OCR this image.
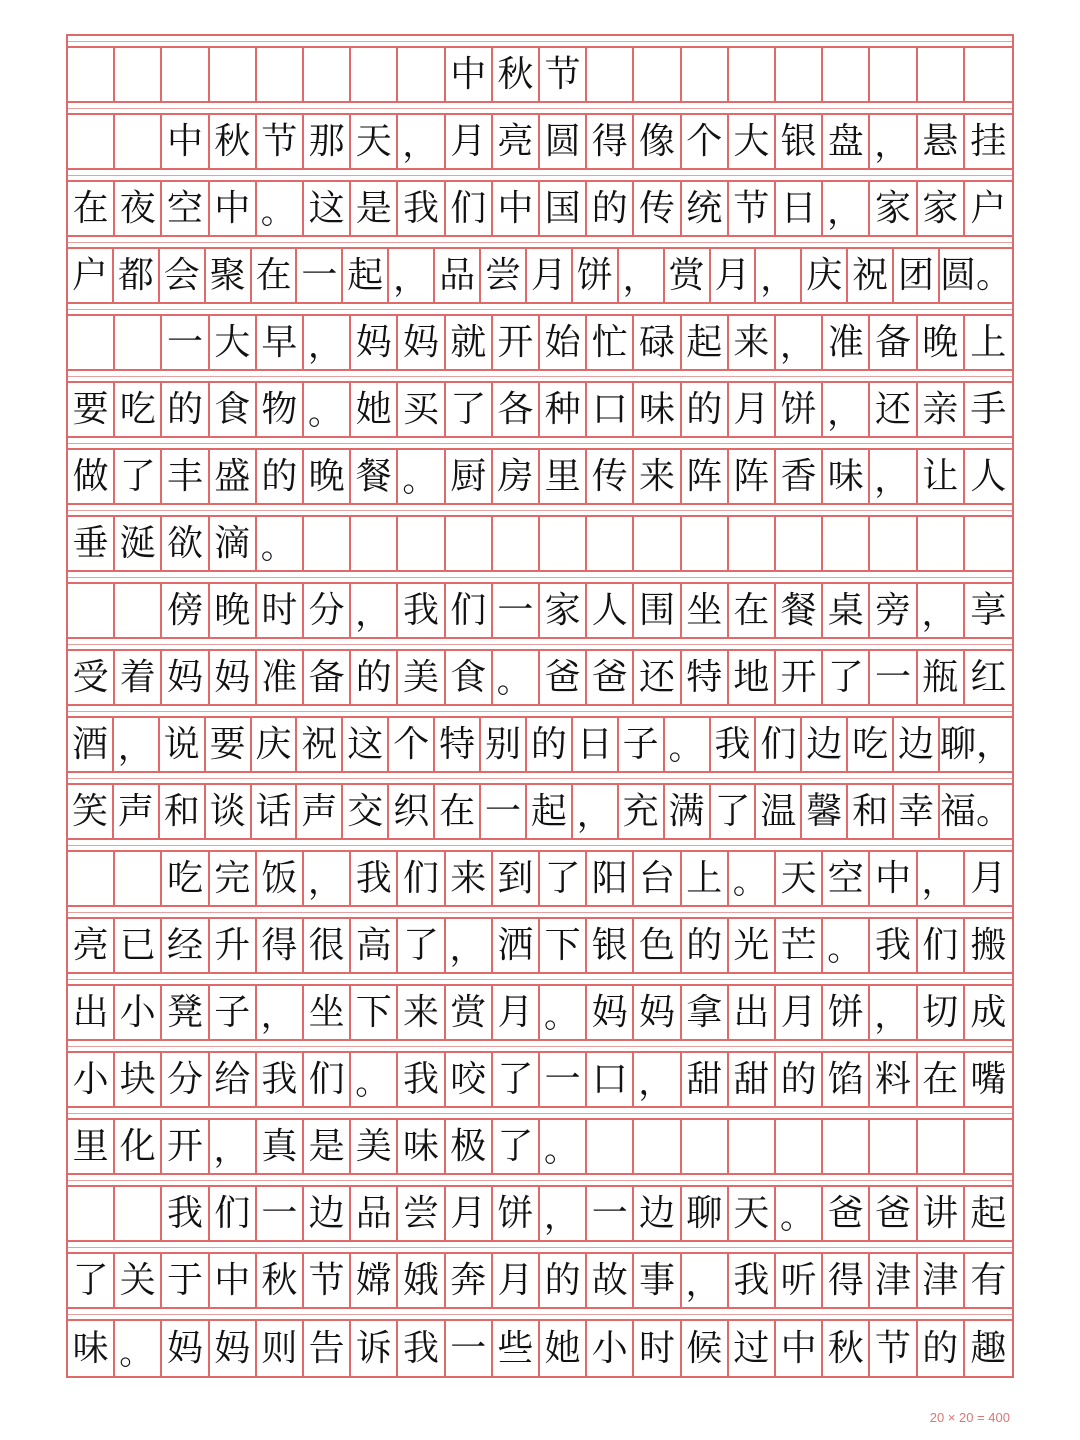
中 秋 节
中 秋 节 那 天 ， 月 亮 圆 得 像 个 大 银 盘 ， 悬 挂
在 夜 空 中 。 这 是 我 们 中 国 的 传 统 节 日 ， 家 家 户
户 都 会 聚 在 一 起 ， 品 尝 月 饼 ， 赏 月 ， 庆 祝 团 圆。
一 大 早 ， 妈 妈 就 开 始 忙 碌 起 来 ， 准 备 晚 上
要 吃 的 食 物 。 她 买 了 各 种 口 味 的 月 饼 ， 还 亲 手
做 了 丰 盛 的 晚 餐 。 厨 房 里 传 来 阵 阵 香 味 ， 让 人
垂 涎 欲 滴 。
傍 晚 时 分 ， 我 们 一 家 人 围 坐 在 餐 桌 旁 ， 享
受 着 妈 妈 准 备 的 美 食 。 爸 爸 还 特 地 开 了 一 瓶 红
酒 ， 说 要 庆 祝 这 个 特 别 的 日 子 。 我 们 边 吃 边 聊，
笑 声 和 谈 话 声 交 织 在 一 起 ， 充 满 了 温 馨 和 幸 福。
吃 完 饭 ， 我 们 来 到 了 阳 台 上 。 天 空 中 ， 月
亮 已 经 升 得 很 高 了 ， 洒 下 银 色 的 光 芒 。 我 们 搬
出 小 凳 子 ， 坐 下 来 赏 月 。 妈 妈 拿 出 月 饼 ， 切 成
小 块 分 给 我 们 。 我 咬 了 一 口 ， 甜 甜 的 馅 料 在 嘴
里 化 开 ， 真 是 美 味 极 了 。
我 们 一 边 品 尝 月 饼 ， 一 边 聊 天 。 爸 爸 讲 起
了 关 于 中 秋 节 嫦 娥 奔 月 的 故 事 ， 我 听 得 津 津 有
味 。 妈 妈 则 告 诉 我 一 些 她 小 时 候 过 中 秋 节 的 趣
20 × 20 = 400
